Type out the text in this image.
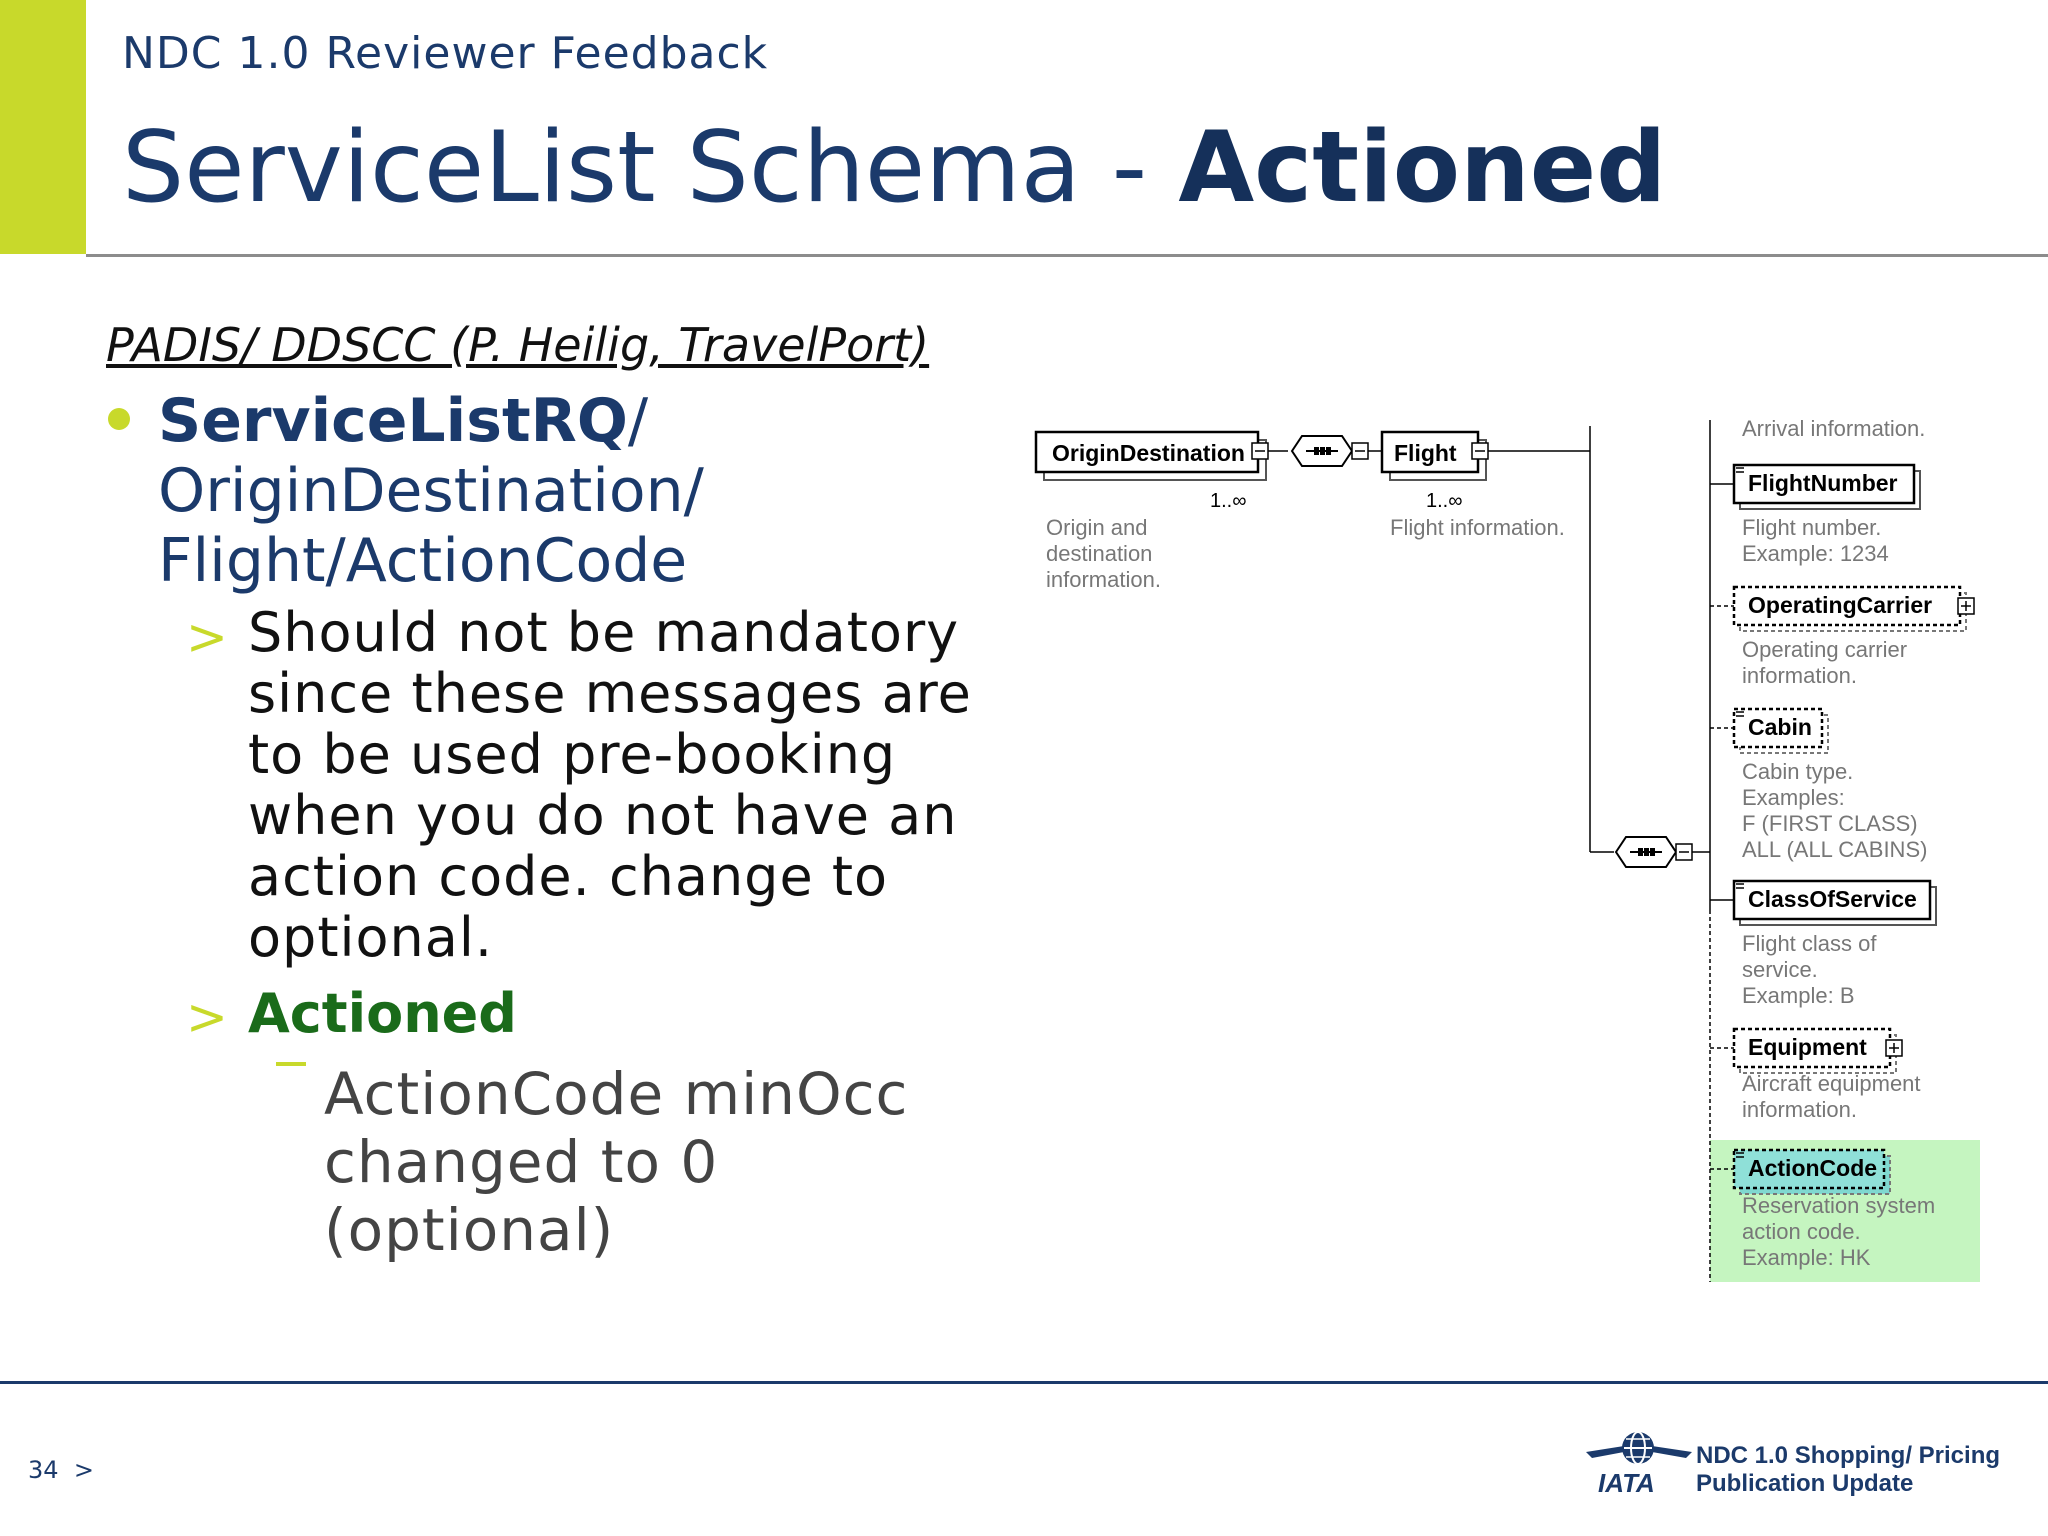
NDC 1.0 Reviewer Feedback
ServiceList Schema - Actioned
PADIS/ DDSCC (P. Heilig, TravelPort)
ServiceListRQ/
OriginDestination/
Flight/ActionCode
> Should not be mandatory
since these messages are
to be used pre-booking
when you do not have an
action code. change to
optional.
> Actioned
ActionCode minOcc
changed to 0
(optional)
OriginDestination
1..∞
Origin and
destination
information.
Flight
1..∞
Flight information.
Arrival information.
FlightNumber
Flight number.
Example: 1234
OperatingCarrier
Operating carrier
information.
Cabin
Cabin type.
Examples:
F (FIRST CLASS)
ALL (ALL CABINS)
ClassOfService
Flight class of
service.
Example: B
Equipment
Aircraft equipment
information.
ActionCode
Reservation system
action code.
Example: HK
34 >	IATA
NDC 1.0 Shopping/ Pricing
Publication Update
